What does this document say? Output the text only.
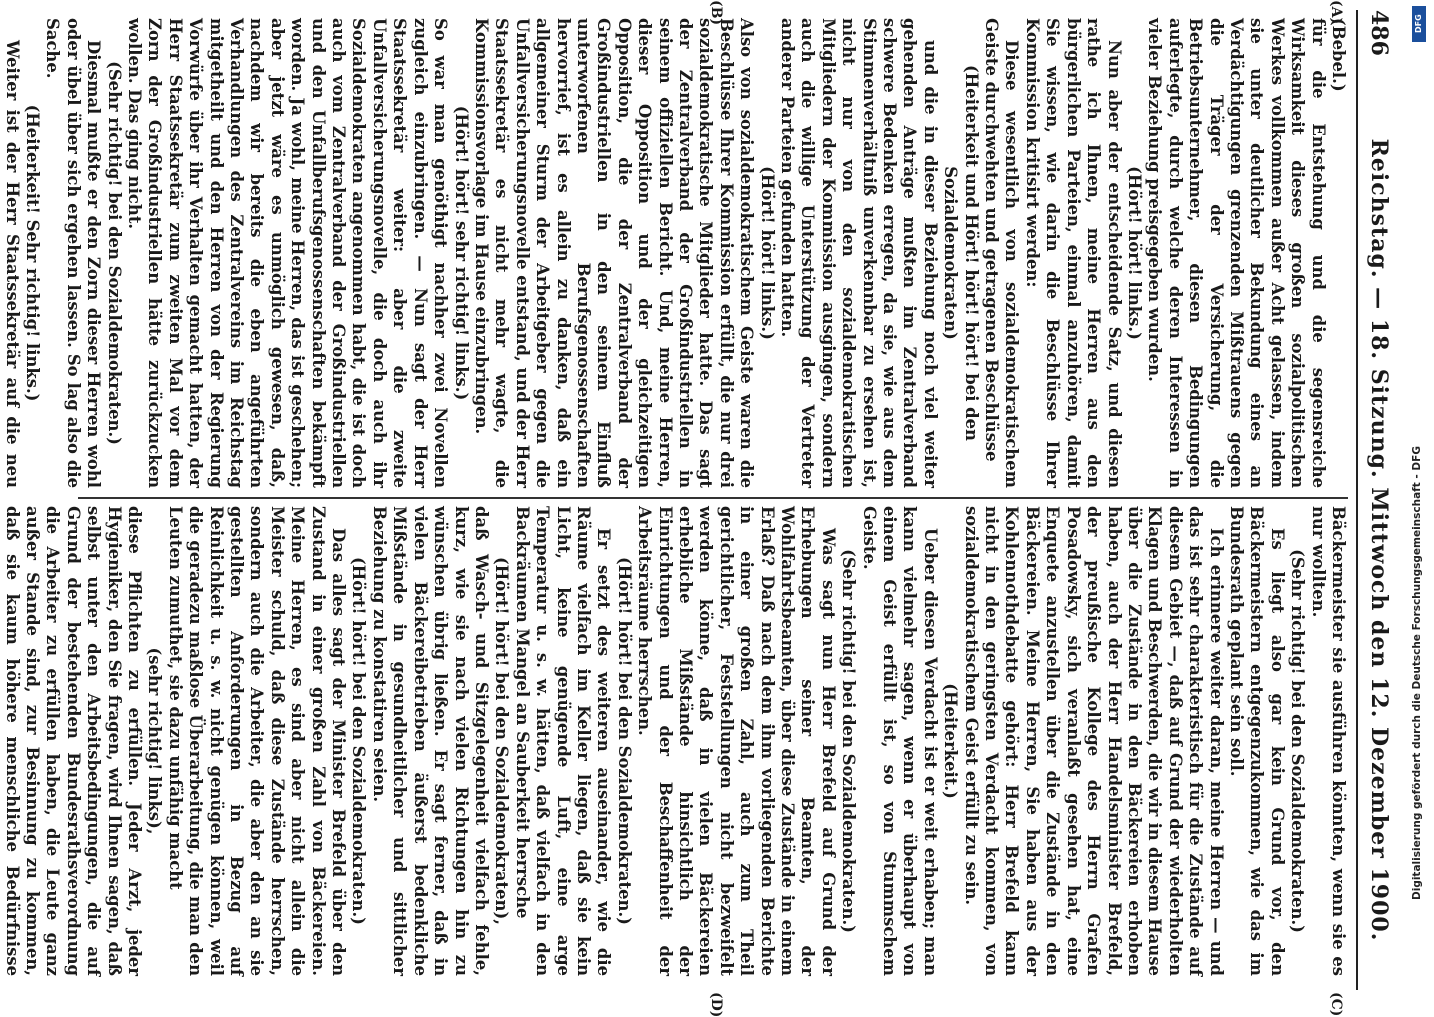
486
Reichstag. — 18. Sitzung. Mittwoch den 12. Dezember 1900.
(A)
(B)
(C)
(D)

(Bebel.)

für die Entstehung und die segensreiche Wirksamkeit dieses großen sozialpolitischen Werkes vollkommen außer Acht gelassen, indem sie unter deutlicher Bekundung eines an Verdächtigungen grenzenden Mißtrauens gegen die Träger der Versicherung, die Betriebsunternehmer, diesen Bedingungen auferlegte, durch welche deren Interessen in vieler Beziehung preisgegeben wurden.

(Hört! hört! links.)

Nun aber der entscheidende Satz, und diesen rathe ich Ihnen, meine Herren aus den bürgerlichen Parteien, einmal anzuhören, damit Sie wissen, wie darin die Beschlüsse Ihrer Kommission kritisirt werden:

Diese wesentlich von sozialdemokratischem Geiste durchwehten und getragenen Beschlüsse

(Heiterkeit und Hört! hört! hört! bei den Sozialdemokraten)

und die in dieser Beziehung noch viel weiter gehenden Anträge mußten im Zentralverband schwere Bedenken erregen, da sie, wie aus dem Stimmenverhältniß unverkennbar zu ersehen ist, nicht nur von den sozialdemokratischen Mitgliedern der Kommission ausgingen, sondern auch die willige Unterstützung der Vertreter anderer Parteien gefunden hatten.

(Hört! hört! links.)

Also von sozialdemokratischem Geiste waren die Beschlüsse Ihrer Kommission erfüllt, die nur drei sozialdemokratische Mitglieder hatte. Das sagt der Zentralverband der Großindustriellen in seinem offiziellen Bericht. Und, meine Herren, dieser Opposition und der gleichzeitigen Opposition, die der Zentralverband der Großindustriellen in den seinem Einfluß unterworfenen Berufsgenossenschaften hervorrief, ist es allein zu danken, daß ein allgemeiner Sturm der Arbeitgeber gegen die Unfallversicherungsnovelle entstand, und der Herr Staatssekretär es nicht mehr wagte, die Kommissionsvorlage im Hause einzubringen.

(Hört! hört! sehr richtig! links.)

So war man genöthigt nachher zwei Novellen zugleich einzubringen. — Nun sagt der Herr Staatssekretär weiter: aber die zweite Unfallversicherungsnovelle, die doch auch ihr Sozialdemokraten angenommen habt, die ist doch auch vom Zentralverband der Großindustriellen und den Unfallberufsgenossenschaften bekämpft worden. Ja wohl, meine Herren, das ist geschehen; aber jetzt wäre es unmöglich gewesen, daß, nachdem wir bereits die eben angeführten Verhandlungen des Zentralvereins im Reichstag mitgetheilt und den Herren von der Regierung Vorwürfe über ihr Verhalten gemacht hatten, der Herr Staatssekretär zum zweiten Mal vor dem Zorn der Großindustriellen hätte zurückzucken wollen. Das ging nicht.

(Sehr richtig! bei den Sozialdemokraten.)

Diesmal mußte er den Zorn dieser Herren wohl oder übel über sich ergehen lassen. So lag also die Sache.

(Heiterkeit! Sehr richtig! links.)

Weiter ist der Herr Staatssekretär auf die neu

Bäckermeister sie ausführen könnten, wenn sie es nur wollten.

(Sehr richtig! bei den Sozialdemokraten.)

Es liegt also gar kein Grund vor, den Bäckermeistern entgegenzukommen, wie das im Bundesrath geplant sein soll.

Ich erinnere weiter daran, meine Herren — und das ist sehr charakteristisch für die Zustände auf diesem Gebiet —, daß auf Grund der wiederholten Klagen und Beschwerden, die wir in diesem Hause über die Zustände in den Bäckereien erhoben haben, auch der Herr Handelsminister Brefeld, der preußische Kollege des Herrn Grafen Posadowsky, sich veranlaßt gesehen hat, eine Enquete anzustellen über die Zustände in den Bäckereien. Meine Herren, Sie haben aus der Kohlennothdebatte gehört: Herr Brefeld kann nicht in den geringsten Verdacht kommen, von sozialdemokratischem Geist erfüllt zu sein.

(Heiterkeit.)

Ueber diesen Verdacht ist er weit erhaben; man kann vielmehr sagen, wenn er überhaupt von einem Geist erfüllt ist, so von Stummschem Geiste.

(Sehr richtig! bei den Sozialdemokraten.)

Was sagt nun Herr Brefeld auf Grund der Erhebungen seiner Beamten, der Wohlfahrtsbeamten, über diese Zustände in einem Erlaß? Daß nach dem ihm vorliegenden Berichte in einer großen Zahl, auch zum Theil gerichtlicher, Feststellungen nicht bezweifelt werden könne, daß in vielen Bäckereien erhebliche Mißstände hinsichtlich der Einrichtungen und der Beschaffenheit der Arbeitsräume herrschen.

(Hört! hört! bei den Sozialdemokraten.)

Er setzt des weiteren auseinander, wie die Räume vielfach im Keller liegen, daß sie kein Licht, keine genügende Luft, eine arge Temperatur u. s. w. hätten, daß vielfach in den Backräumen Mangel an Sauberkeit herrsche

(Hört! hört! bei den Sozialdemokraten),

daß Wasch- und Sitzgelegenheit vielfach fehle, kurz, wie sie nach vielen Richtungen hin zu wünschen übrig ließen. Er sagt ferner, daß in vielen Bäckereibetrieben äußerst bedenkliche Mißstände in gesundheitlicher und sittlicher Beziehung zu konstatiren seien.

(Hört! hört! bei den Sozialdemokraten.)

Das alles sagt der Minister Brefeld über den Zustand in einer großen Zahl von Bäckereien. Meine Herren, es sind aber nicht allein die Meister schuld, daß diese Zustände herrschen, sondern auch die Arbeiter, die aber den an sie gestellten Anforderungen in Bezug auf Reinlichkeit u. s. w. nicht genügen können, weil die geradezu maßlose Überarbeitung, die man den Leuten zumuthet, sie dazu unfähig macht

(sehr richtig! links),

diese Pflichten zu erfüllen. Jeder Arzt, jeder Hygieniker, den Sie fragen, wird Ihnen sagen, daß selbst unter den Arbeitsbedingungen, die auf Grund der bestehenden Bundesrathsverordnung die Arbeiter zu erfüllen haben, die Leute ganz außer Stande sind, zur Besinnung zu kommen, daß sie kaum höhere menschliche Bedürfnisse

Digitalisierung gefördert durch die Deutsche Forschungsgemeinschaft - DFG
DFG
